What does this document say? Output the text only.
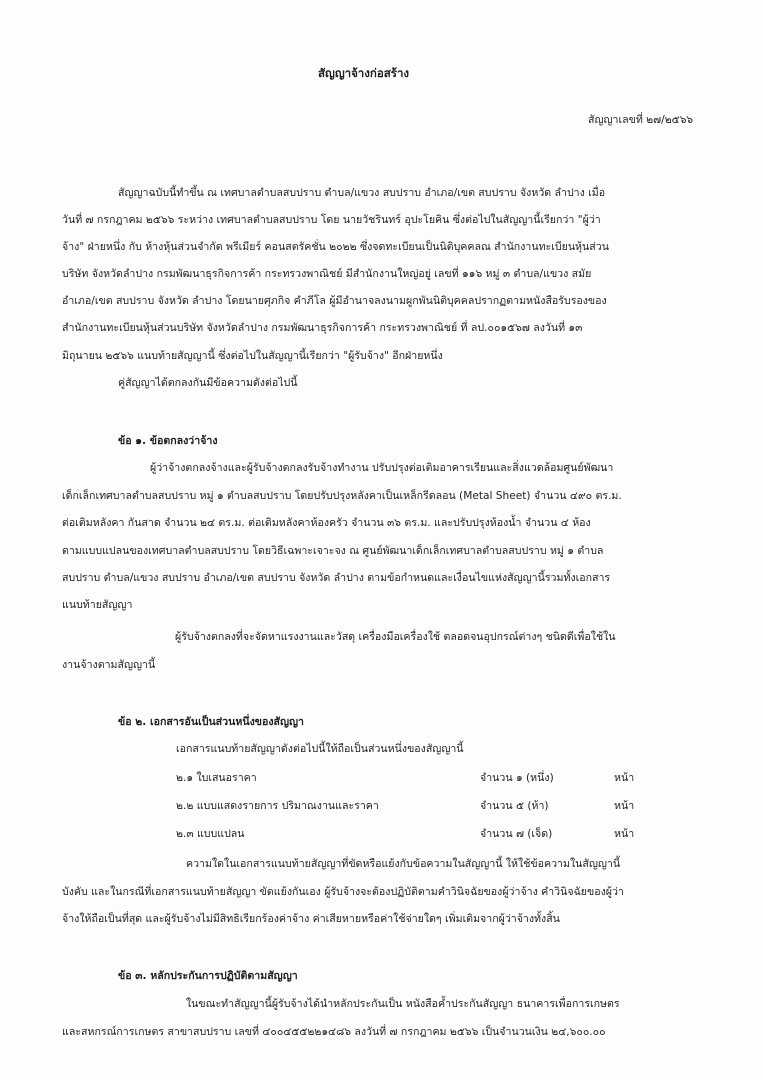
สัญญาจ้างก่อสร้าง
สัญญาเลขที่ ๒๗/๒๕๖๖
สัญญาฉบับนี้ทำขึ้น ณ เทศบาลตำบลสบปราบ ตำบล/แขวง สบปราบ อำเภอ/เขต สบปราบ จังหวัด ลำปาง เมื่อ
วันที่ ๗ กรกฎาคม ๒๕๖๖ ระหว่าง เทศบาลตำบลสบปราบ โดย นายวัชรินทร์ อุปะโยคิน ซึ่งต่อไปในสัญญานี้เรียกว่า "ผู้ว่า
จ้าง" ฝ่ายหนึ่ง กับ ห้างหุ้นส่วนจำกัด พรีเมียร์ คอนสตรัคชั่น ๒๐๒๒ ซึ่งจดทะเบียนเป็นนิติบุคคลณ สำนักงานทะเบียนหุ้นส่วน
บริษัท จังหวัดลำปาง กรมพัฒนาธุรกิจการค้า กระทรวงพาณิชย์ มีสำนักงานใหญ่อยู่ เลขที่ ๑๑๖ หมู่ ๓ ตำบล/แขวง สมัย
อำเภอ/เขต สบปราบ จังหวัด ลำปาง โดยนายศุภกิจ คำภีโล ผู้มีอำนาจลงนามผูกพันนิติบุคคลปรากฏตามหนังสือรับรองของ
สำนักงานทะเบียนหุ้นส่วนบริษัท จังหวัดลำปาง กรมพัฒนาธุรกิจการค้า กระทรวงพาณิชย์ ที่ ลป.๐๐๑๕๖๗ ลงวันที่ ๑๓
มิถุนายน ๒๕๖๖ แนบท้ายสัญญานี้ ซึ่งต่อไปในสัญญานี้เรียกว่า "ผู้รับจ้าง" อีกฝ่ายหนึ่ง
คู่สัญญาได้ตกลงกันมีข้อความดังต่อไปนี้
ข้อ ๑. ข้อตกลงว่าจ้าง
ผู้ว่าจ้างตกลงจ้างและผู้รับจ้างตกลงรับจ้างทำงาน ปรับปรุงต่อเติมอาคารเรียนและสิ่งแวดล้อมศูนย์พัฒนา
เด็กเล็กเทศบาลตำบลสบปราบ หมู่ ๑ ตำบลสบปราบ โดยปรับปรุงหลังคาเป็นเหล็กรีดลอน (Metal Sheet) จำนวน ๔๙๐ ตร.ม.
ต่อเติมหลังคา กันสาด จำนวน ๒๔ ตร.ม. ต่อเติมหลังคาห้องครัว จำนวน ๓๖ ตร.ม. และปรับปรุงห้องน้ำ จำนวน ๔ ห้อง
ตามแบบแปลนของเทศบาลตำบลสบปราบ โดยวิธีเฉพาะเจาะจง ณ ศูนย์พัฒนาเด็กเล็กเทศบาลตำบลสบปราบ หมู่ ๑ ตำบล
สบปราบ ตำบล/แขวง สบปราบ อำเภอ/เขต สบปราบ จังหวัด ลำปาง ตามข้อกำหนดและเงื่อนไขแห่งสัญญานี้รวมทั้งเอกสาร
แนบท้ายสัญญา
ผู้รับจ้างตกลงที่จะจัดหาแรงงานและวัสดุ เครื่องมือเครื่องใช้ ตลอดจนอุปกรณ์ต่างๆ ชนิดดีเพื่อใช้ใน
งานจ้างตามสัญญานี้
ข้อ ๒. เอกสารอันเป็นส่วนหนึ่งของสัญญา
เอกสารแนบท้ายสัญญาดังต่อไปนี้ให้ถือเป็นส่วนหนึ่งของสัญญานี้
๒.๑ ใบเสนอราคา	จำนวน ๑ (หนึ่ง)	หน้า
๒.๒ แบบแสดงรายการ ปริมาณงานและราคา	จำนวน ๕ (ห้า)	หน้า
๒.๓ แบบแปลน	จำนวน ๗ (เจ็ด)	หน้า
ความใดในเอกสารแนบท้ายสัญญาที่ขัดหรือแย้งกับข้อความในสัญญานี้ ให้ใช้ข้อความในสัญญานี้
บังคับ และในกรณีที่เอกสารแนบท้ายสัญญา ขัดแย้งกันเอง ผู้รับจ้างจะต้องปฏิบัติตามคำวินิจฉัยของผู้ว่าจ้าง คำวินิจฉัยของผู้ว่า
จ้างให้ถือเป็นที่สุด และผู้รับจ้างไม่มีสิทธิเรียกร้องค่าจ้าง ค่าเสียหายหรือค่าใช้จ่ายใดๆ เพิ่มเติมจากผู้ว่าจ้างทั้งสิ้น
ข้อ ๓. หลักประกันการปฏิบัติตามสัญญา
ในขณะทำสัญญานี้ผู้รับจ้างได้นำหลักประกันเป็น หนังสือค้ำประกันสัญญา ธนาคารเพื่อการเกษตร
และสหกรณ์การเกษตร สาขาสบปราบ เลขที่ ๔๐๐๔๕๕๒๒๑๔๘๖ ลงวันที่ ๗ กรกฎาคม ๒๕๖๖ เป็นจำนวนเงิน ๒๔,๖๐๐.๐๐
